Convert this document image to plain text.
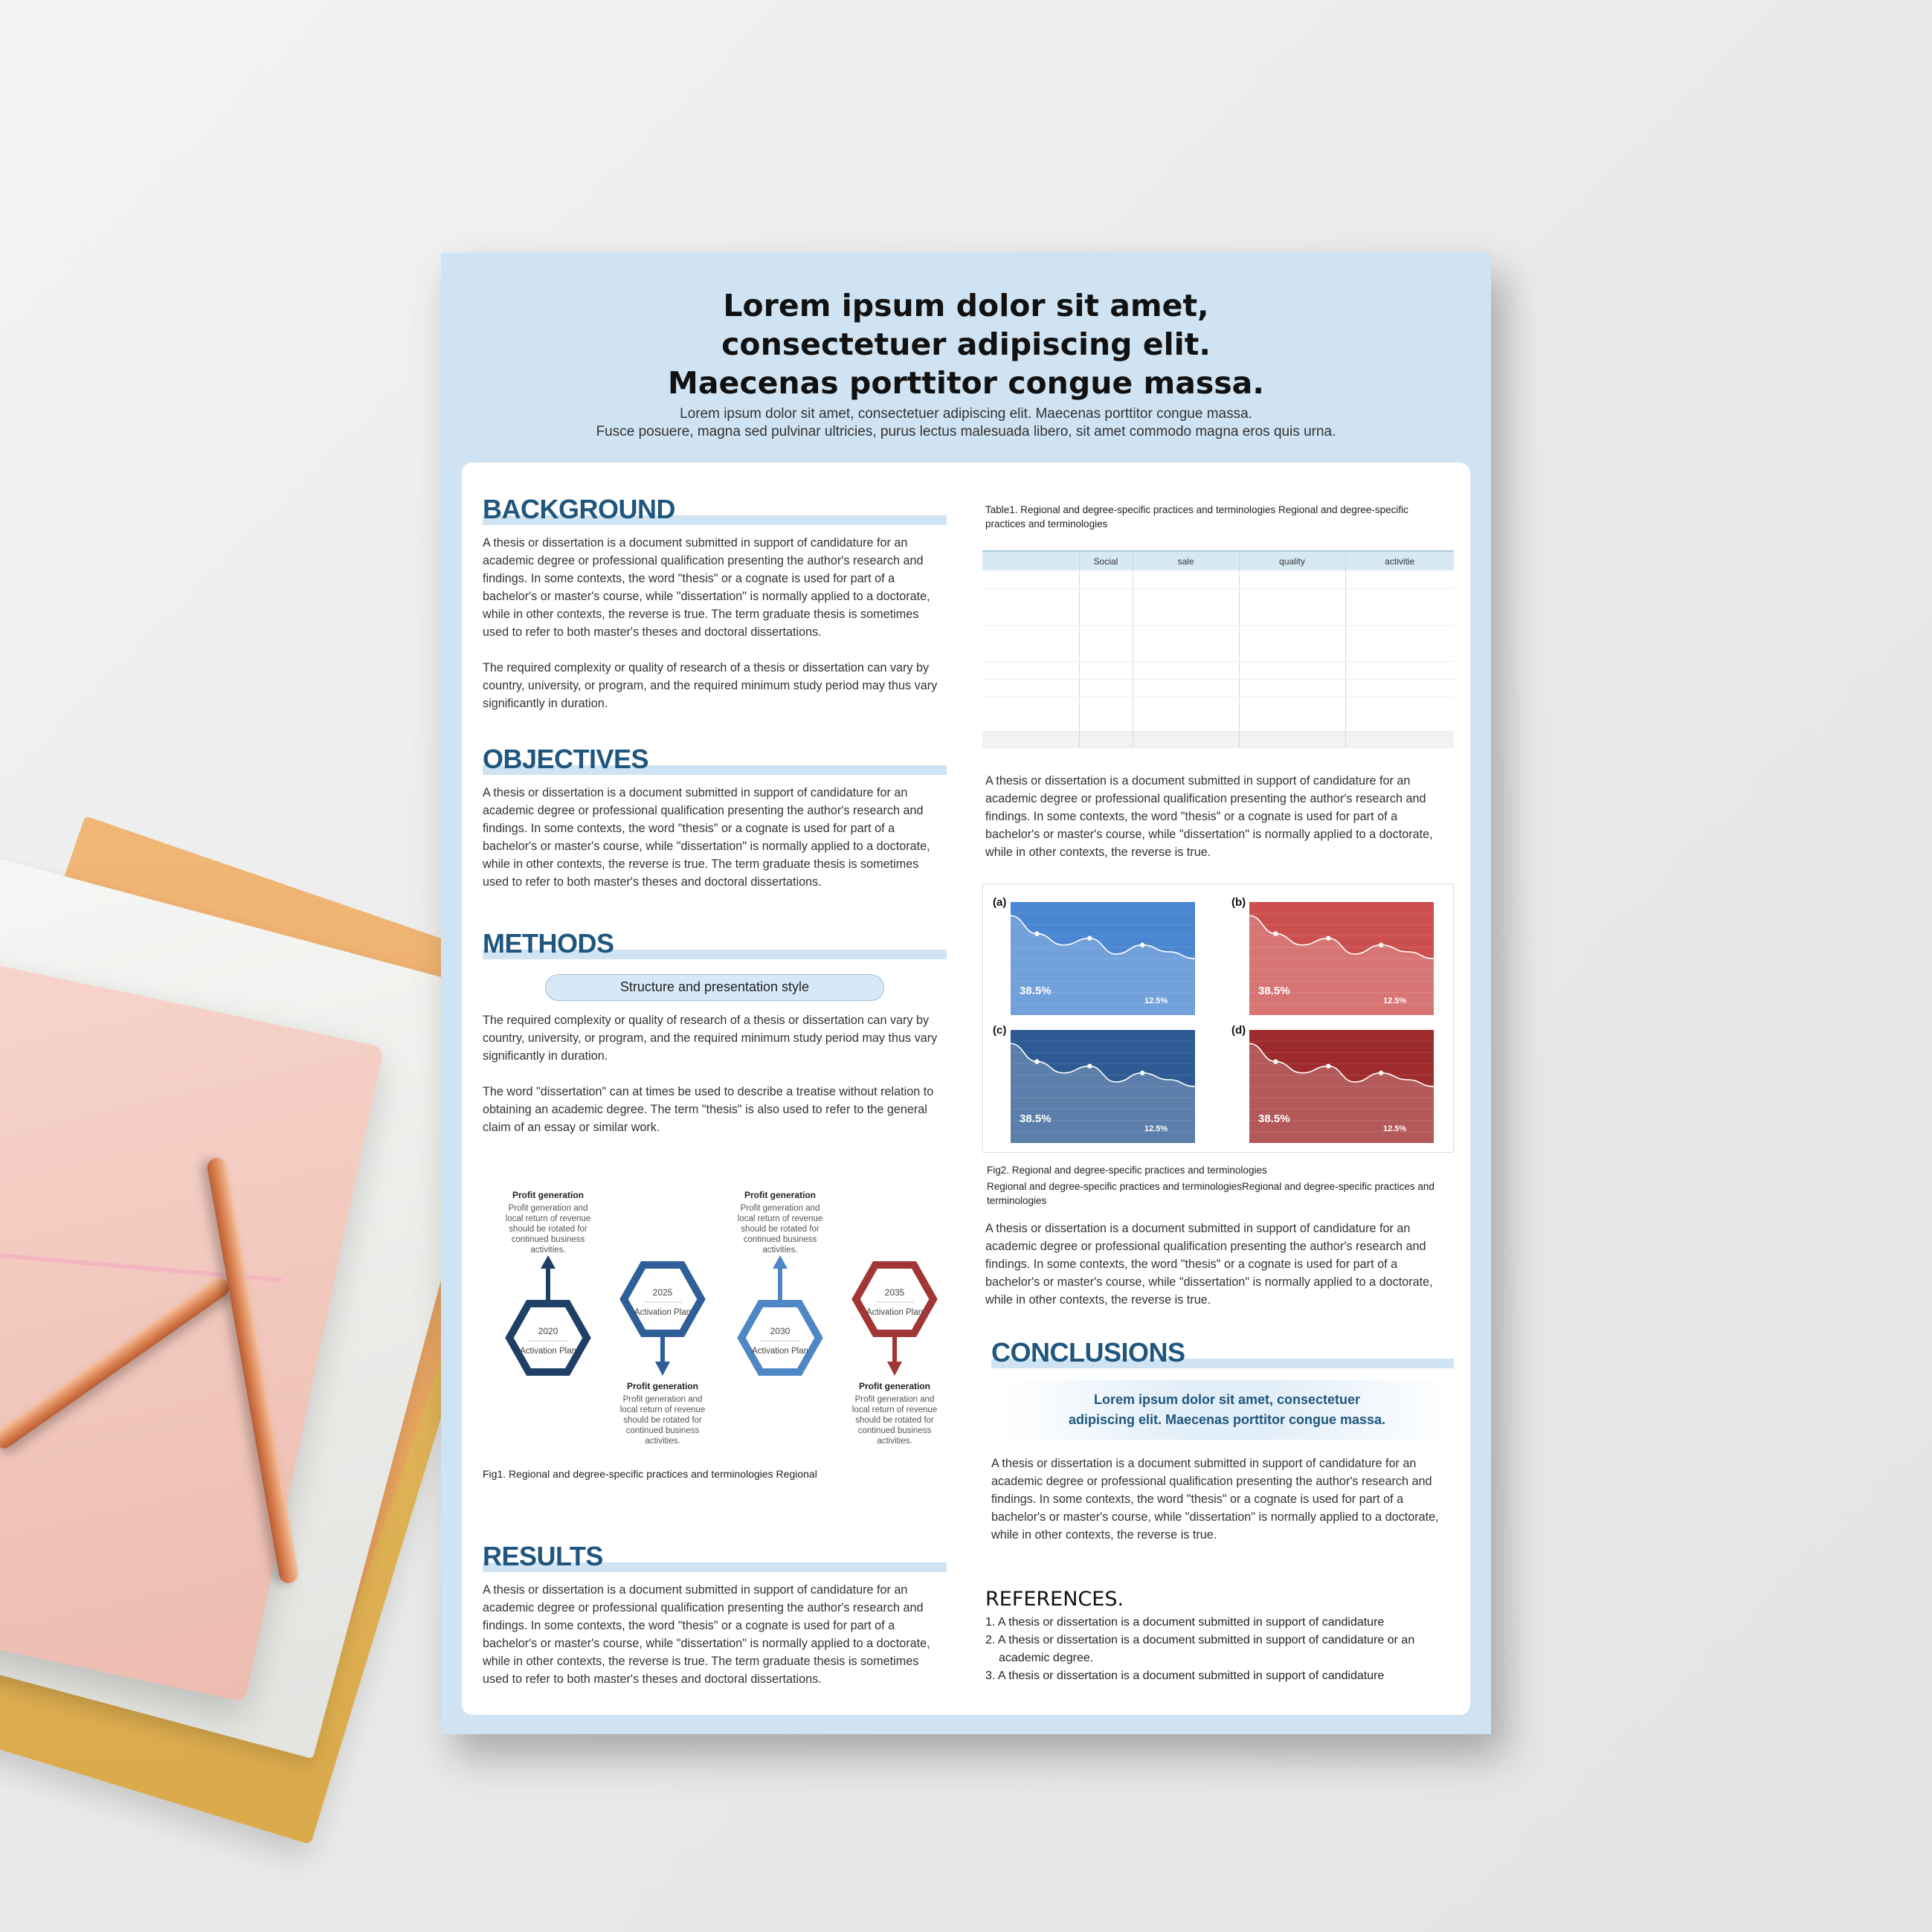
Lorem ipsum dolor sit amet, consectetuer adipiscing elit. Maecenas porttitor congue massa.
Lorem ipsum dolor sit amet, consectetuer adipiscing elit. Maecenas porttitor congue massa.
Fusce posuere, magna sed pulvinar ultricies, purus lectus malesuada libero, sit amet commodo magna eros quis urna.
BACKGROUND

A thesis or dissertation is a document submitted in support of candidature for an academic degree or professional qualification presenting the author's research and findings. In some contexts, the word "thesis" or a cognate is used for part of a bachelor's or master's course, while "dissertation" is normally applied to a doctorate, while in other contexts, the reverse is true. The term graduate thesis is sometimes used to refer to both master's theses and doctoral dissertations.

The required complexity or quality of research of a thesis or dissertation can vary by country, university, or program, and the required minimum study period may thus vary significantly in duration.

OBJECTIVES

A thesis or dissertation is a document submitted in support of candidature for an academic degree or professional qualification presenting the author's research and findings. In some contexts, the word "thesis" or a cognate is used for part of a bachelor's or master's course, while "dissertation" is normally applied to a doctorate, while in other contexts, the reverse is true. The term graduate thesis is sometimes used to refer to both master's theses and doctoral dissertations.

METHODS
Structure and presentation style

The required complexity or quality of research of a thesis or dissertation can vary by country, university, or program, and the required minimum study period may thus vary significantly in duration.

The word "dissertation" can at times be used to describe a treatise without relation to obtaining an academic degree. The term "thesis" is also used to refer to the general claim of an essay or similar work.

2020
Activation Plan
2025
Activation Plan
2030
Activation Plan
2035
Activation Plan
Profit generation
Profit generation and local return of revenue should be rotated for continued business activities.
Profit generation
Profit generation and local return of revenue should be rotated for continued business activities.
Profit generation
Profit generation and local return of revenue should be rotated for continued business activities.
Profit generation
Profit generation and local return of revenue should be rotated for continued business activities.
Fig1. Regional and degree-specific practices and terminologies Regional
RESULTS

A thesis or dissertation is a document submitted in support of candidature for an academic degree or professional qualification presenting the author's research and findings. In some contexts, the word "thesis" or a cognate is used for part of a bachelor's or master's course, while "dissertation" is normally applied to a doctorate, while in other contexts, the reverse is true. The term graduate thesis is sometimes used to refer to both master's theses and doctoral dissertations.

Table1. Regional and degree-specific practices and terminologies Regional and degree-specific practices and terminologies
	Social	sale	quality	activitie

A thesis or dissertation is a document submitted in support of candidature for an academic degree or professional qualification presenting the author's research and findings. In some contexts, the word "thesis" or a cognate is used for part of a bachelor's or master's course, while "dissertation" is normally applied to a doctorate, while in other contexts, the reverse is true.

(a)	(b)
(c)	(d)
38.5%
12.5%
38.5%
12.5%
38.5%
12.5%
38.5%
12.5%
Fig2. Regional and degree-specific practices and terminologies
Regional and degree-specific practices and terminologiesRegional and degree-specific practices and terminologies

A thesis or dissertation is a document submitted in support of candidature for an academic degree or professional qualification presenting the author's research and findings. In some contexts, the word "thesis" or a cognate is used for part of a bachelor's or master's course, while "dissertation" is normally applied to a doctorate, while in other contexts, the reverse is true.

CONCLUSIONS
Lorem ipsum dolor sit amet, consectetuer
adipiscing elit. Maecenas porttitor congue massa.

A thesis or dissertation is a document submitted in support of candidature for an academic degree or professional qualification presenting the author's research and findings. In some contexts, the word "thesis" or a cognate is used for part of a bachelor's or master's course, while "dissertation" is normally applied to a doctorate, while in other contexts, the reverse is true.

REFERENCES.
1. A thesis or dissertation is a document submitted in support of candidature
2. A thesis or dissertation is a document submitted in support of candidature or an academic degree.
3. A thesis or dissertation is a document submitted in support of candidature
